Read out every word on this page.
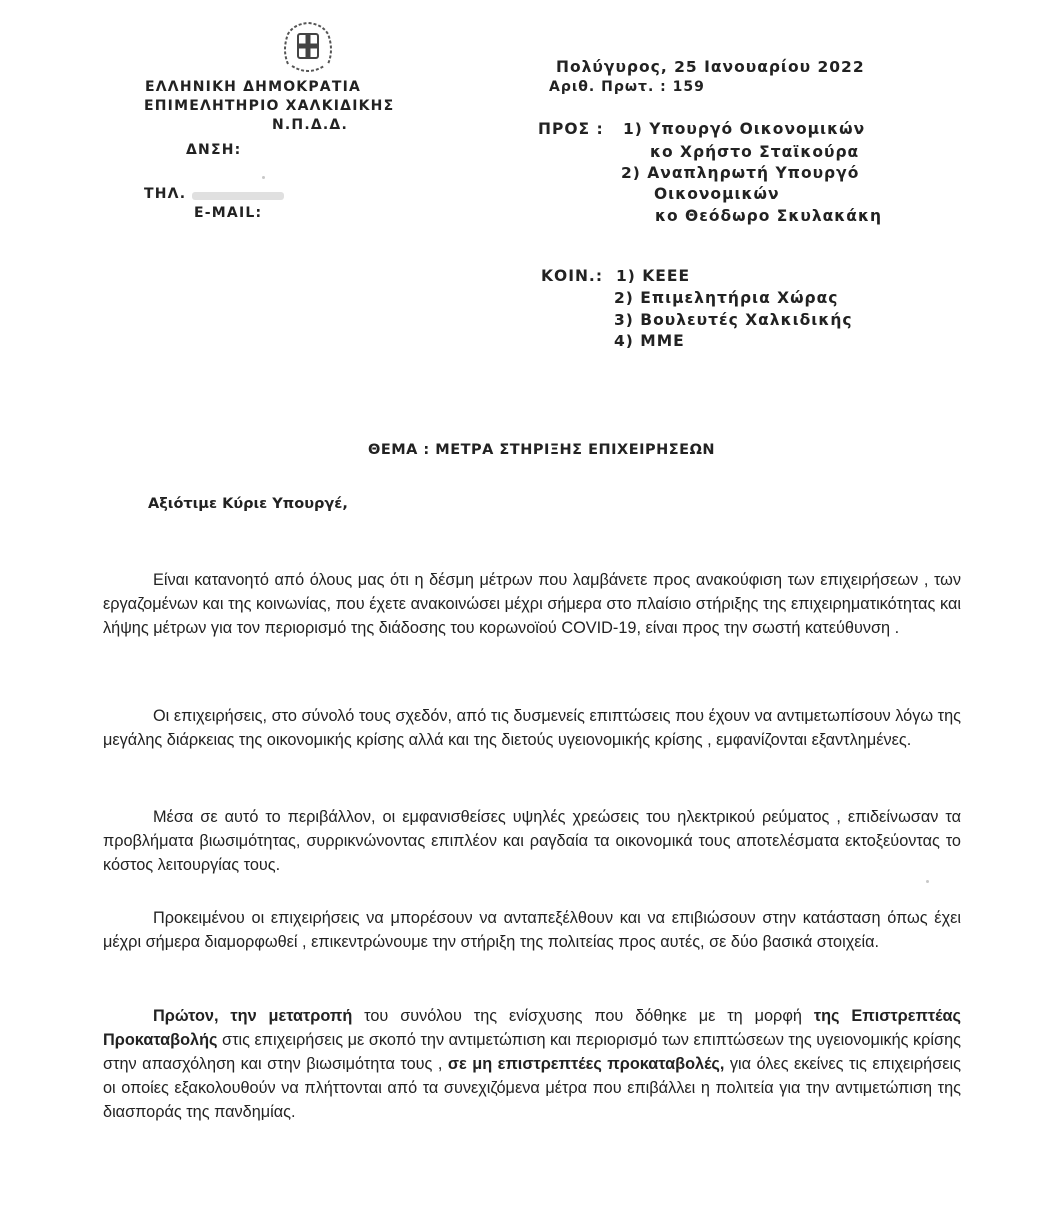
ΕΛΛΗΝΙΚΗ ΔΗΜΟΚΡΑΤΙΑ
ΕΠΙΜΕΛΗΤΗΡΙΟ ΧΑΛΚΙΔΙΚΗΣ
Ν.Π.Δ.Δ.
ΔΝΣΗ:
ΤΗΛ.
E-MAIL:
Πολύγυρος, 25 Ιανουαρίου 2022
Αριθ. Πρωτ. : 159
ΠΡΟΣ : 1) Υπουργό Οικονομικών
κο Χρήστο Σταϊκούρα
2) Αναπληρωτή Υπουργό
Οικονομικών
κο Θεόδωρο Σκυλακάκη
ΚΟΙΝ.: 1) ΚΕΕΕ
2) Επιμελητήρια Χώρας
3) Βουλευτές Χαλκιδικής
4) ΜΜΕ
ΘΕΜΑ : ΜΕΤΡΑ ΣΤΗΡΙΞΗΣ ΕΠΙΧΕΙΡΗΣΕΩΝ
Αξιότιμε Κύριε Υπουργέ,
Είναι κατανοητό από όλους μας ότι η δέσμη μέτρων που λαμβάνετε προς ανακούφιση των επιχειρήσεων , των εργαζομένων και της κοινωνίας, που έχετε ανακοινώσει μέχρι σήμερα στο πλαίσιο στήριξης της επιχειρηματικότητας και λήψης μέτρων για τον περιορισμό της διάδοσης του κορωνοϊού COVID-19, είναι προς την σωστή κατεύθυνση .
Οι επιχειρήσεις, στο σύνολό τους σχεδόν, από τις δυσμενείς επιπτώσεις που έχουν να αντιμετωπίσουν λόγω της μεγάλης διάρκειας της οικονομικής κρίσης αλλά και της διετούς υγειονομικής κρίσης , εμφανίζονται εξαντλημένες.
Μέσα σε αυτό το περιβάλλον, οι εμφανισθείσες υψηλές χρεώσεις του ηλεκτρικού ρεύματος , επιδείνωσαν τα προβλήματα βιωσιμότητας, συρρικνώνοντας επιπλέον και ραγδαία τα οικονομικά τους αποτελέσματα εκτοξεύοντας το κόστος λειτουργίας τους.
Προκειμένου οι επιχειρήσεις να μπορέσουν να ανταπεξέλθουν και να επιβιώσουν στην κατάσταση όπως έχει μέχρι σήμερα διαμορφωθεί , επικεντρώνουμε την στήριξη της πολιτείας προς αυτές, σε δύο βασικά στοιχεία.
Πρώτον, την μετατροπή του συνόλου της ενίσχυσης που δόθηκε με τη μορφή της Επιστρεπτέας Προκαταβολής στις επιχειρήσεις με σκοπό την αντιμετώπιση και περιορισμό των επιπτώσεων της υγειονομικής κρίσης στην απασχόληση και στην βιωσιμότητα τους , σε μη επιστρεπτέες προκαταβολές, για όλες εκείνες τις επιχειρήσεις οι οποίες εξακολουθούν να πλήττονται από τα συνεχιζόμενα μέτρα που επιβάλλει η πολιτεία για την αντιμετώπιση της διασποράς της πανδημίας.
